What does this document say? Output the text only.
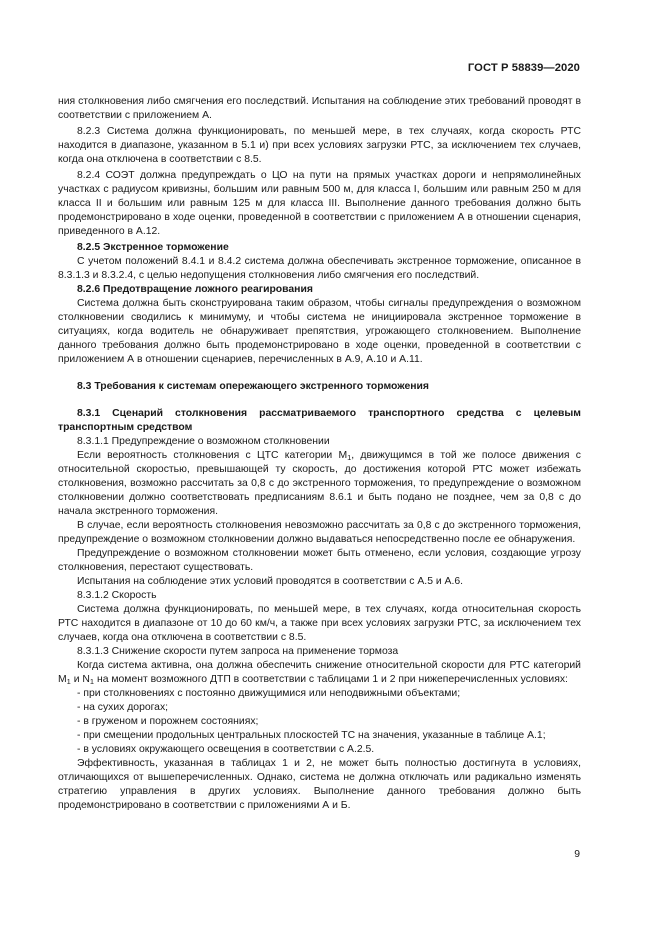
ГОСТ Р 58839—2020

ния столкновения либо смягчения его последствий. Испытания на соблюдение этих требований проводят в соответствии с приложением А.

8.2.3 Система должна функционировать, по меньшей мере, в тех случаях, когда скорость РТС находится в диапазоне, указанном в 5.1 и) при всех условиях загрузки РТС, за исключением тех случаев, когда она отключена в соответствии с 8.5.

8.2.4 СОЭТ должна предупреждать о ЦО на пути на прямых участках дороги и непрямолинейных участках с радиусом кривизны, большим или равным 500 м, для класса I, большим или равным 250 м для класса II и большим или равным 125 м для класса III. Выполнение данного требования должно быть продемонстрировано в ходе оценки, проведенной в соответствии с приложением А в отношении сценария, приведенного в А.12.

8.2.5 Экстренное торможение

С учетом положений 8.4.1 и 8.4.2 система должна обеспечивать экстренное торможение, описанное в 8.3.1.3 и 8.3.2.4, с целью недопущения столкновения либо смягчения его последствий.

8.2.6 Предотвращение ложного реагирования

Система должна быть сконструирована таким образом, чтобы сигналы предупреждения о возможном столкновении сводились к минимуму, и чтобы система не инициировала экстренное торможение в ситуациях, когда водитель не обнаруживает препятствия, угрожающего столкновением. Выполнение данного требования должно быть продемонстрировано в ходе оценки, проведенной в соответствии с приложением А в отношении сценариев, перечисленных в А.9, А.10 и А.11.

8.3 Требования к системам опережающего экстренного торможения

8.3.1 Сценарий столкновения рассматриваемого транспортного средства с целевым транспортным средством

8.3.1.1 Предупреждение о возможном столкновении

Если вероятность столкновения с ЦТС категории $М_1$, движущимся в той же полосе движения с относительной скоростью, превышающей ту скорость, до достижения которой РТС может избежать столкновения, возможно рассчитать за 0,8 с до экстренного торможения, то предупреждение о возможном столкновении должно соответствовать предписаниям 8.6.1 и быть подано не позднее, чем за 0,8 с до начала экстренного торможения.

В случае, если вероятность столкновения невозможно рассчитать за 0,8 с до экстренного торможения, предупреждение о возможном столкновении должно выдаваться непосредственно после ее обнаружения.

Предупреждение о возможном столкновении может быть отменено, если условия, создающие угрозу столкновения, перестают существовать.

Испытания на соблюдение этих условий проводятся в соответствии с А.5 и А.6.

8.3.1.2 Скорость

Система должна функционировать, по меньшей мере, в тех случаях, когда относительная скорость РТС находится в диапазоне от 10 до 60 км/ч, а также при всех условиях загрузки РТС, за исключением тех случаев, когда она отключена в соответствии с 8.5.

8.3.1.3 Снижение скорости путем запроса на применение тормоза

Когда система активна, она должна обеспечить снижение относительной скорости для РТС категорий $М_1$ и $N_1$ на момент возможного ДТП в соответствии с таблицами 1 и 2 при нижеперечисленных условиях:

- при столкновениях с постоянно движущимися или неподвижными объектами;

- на сухих дорогах;

- в груженом и порожнем состояниях;

- при смещении продольных центральных плоскостей ТС на значения, указанные в таблице А.1;

- в условиях окружающего освещения в соответствии с А.2.5.

Эффективность, указанная в таблицах 1 и 2, не может быть полностью достигнута в условиях, отличающихся от вышеперечисленных. Однако, система не должна отключать или радикально изменять стратегию управления в других условиях. Выполнение данного требования должно быть продемонстрировано в соответствии с приложениями А и Б.

9
